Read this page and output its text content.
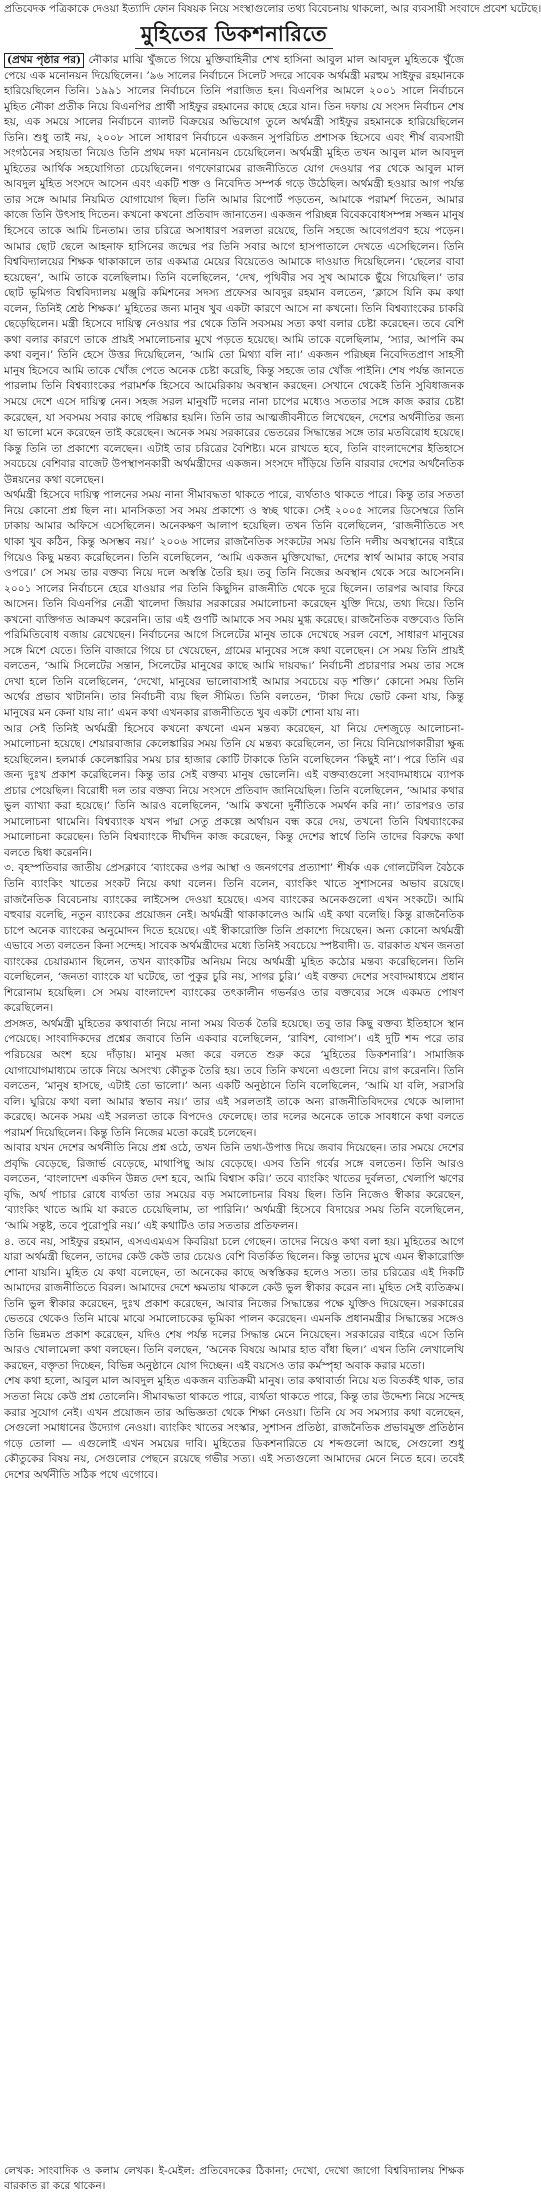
প্রতিবেদক পত্রিকাকে দেওয়া ইত্যাদি ফোন বিষয়ক নিয়ে সংস্থাগুলোর তথ্য বিবেচনায় থাকলো, আর ব্যবসায়ী সংবাদে প্রবেশ ঘটেছে।
মুহিতের ডিকশনারিতে

(প্রথম পৃষ্ঠার পর) নৌকার মাঝি খুঁজতে গিয়ে মুক্তিবাহিনীর শেখ হাসিনা আবুল মাল আবদুল মুহিতকে খুঁজে পেয়ে এক মনোনয়ন দিয়েছিলেন। ’৯৬ সালের নির্বাচনে সিলেট সদরে সাবেক অর্থমন্ত্রী মরহুম সাইফুর রহমানকে হারিয়েছিলেন তিনি। ১৯৯১ সালের নির্বাচনে তিনি পরাজিত হন। বিএনপির আমলে ২০০১ সালে নির্বাচনে মুহিত নৌকা প্রতীক নিয়ে বিএনপির প্রার্থী সাইফুর রহমানের কাছে হেরে যান। তিন দফায় যে সংসদ নির্বাচন শেষ হয়, এক সময়ে সালের নির্বাচনে ব্যালট বিক্রয়ের অভিযোগ তুলে অর্থমন্ত্রী সাইফুর রহমানকে হারিয়েছিলেন তিনি। শুধু তাই নয়, ২০০৮ সালে সাধারণ নির্বাচনে একজন সুপরিচিত প্রশাসক হিসেবে এবং শীর্ষ ব্যবসায়ী সংগঠনের সহায়তা নিয়েও তিনি প্রথম দফা মনোনয়ন চেয়েছিলেন। অর্থমন্ত্রী মুহিত তখন আবুল মাল আবদুল মুহিতের আর্থিক সহযোগিতা চেয়েছিলেন। গণফোরামের রাজনীতিতে যোগ দেওয়ার পর থেকে আবুল মাল আবদুল মুহিত সংসদে আসেন এবং একটি শক্ত ও নিবেদিত সম্পর্ক গড়ে উঠেছিল। অর্থমন্ত্রী হওয়ার আগ পর্যন্ত তার সঙ্গে আমার নিয়মিত যোগাযোগ ছিল। তিনি আমার রিপোর্ট পড়তেন, আমাকে পরামর্শ দিতেন, আমার কাজে তিনি উৎসাহ দিতেন। কখনো কখনো প্রতিবাদ জানাতেন। একজন পরিচ্ছন্ন বিবেকবোধসম্পন্ন সজ্জন মানুষ হিসেবে তাকে আমি চিনতাম। তার চরিত্রে অসাধারণ সরলতা রয়েছে, তিনি সহজে আবেগপ্রবণ হয়ে পড়েন। আমার ছোট ছেলে আহনাফ হাসিনের জন্মের পর তিনি সবার আগে হাসপাতালে দেখতে এসেছিলেন। তিনি বিশ্ববিদ্যালয়ের শিক্ষক থাকাকালে তার একমাত্র মেয়ের বিয়েতেও আমাকে দাওয়াত দিয়েছিলেন। ‘ছেলের বাবা হয়েছেন’, আমি তাকে বলেছিলাম। তিনি বলেছিলেন, ‘দেখ, পৃথিবীর সব সুখ আমাকে ছুঁয়ে গিয়েছিল।’ তার ছোট ভূমিগত বিশ্ববিদ্যালয় মঞ্জুরি কমিশনের সদস্য প্রফেসর আবদুর রহমান বলতেন, ‘ক্লাসে যিনি কম কথা বলেন, তিনিই শ্রেষ্ঠ শিক্ষক।’ মুহিতের জন্য মানুষ খুব একটা কারণে আসে না কখনো। তিনি বিশ্বব্যাংকের চাকরি ছেড়েছিলেন। মন্ত্রী হিসেবে দায়িত্ব নেওয়ার পর থেকে তিনি সবসময় সত্য কথা বলার চেষ্টা করেছেন। তবে বেশি কথা বলার কারণে তাকে প্রায়ই সমালোচনার মুখে পড়তে হয়েছে। আমি তাকে বলেছিলাম, ‘স্যার, আপনি কম কথা বলুন।’ তিনি হেসে উত্তর দিয়েছিলেন, ‘আমি তো মিথ্যা বলি না।’ একজন পরিচ্ছন্ন নিবেদিতপ্রাণ সাহসী মানুষ হিসেবে আমি তাকে খোঁজ পেতে অনেক চেষ্টা করেছি, কিন্তু সহজে তার খোঁজ পাইনি। শেষ পর্যন্ত জানতে পারলাম তিনি বিশ্বব্যাংকের পরামর্শক হিসেবে আমেরিকায় অবস্থান করছেন। সেখানে থেকেই তিনি সুবিধাজনক সময়ে দেশে এসে দায়িত্ব নেন। সহজ সরল মানুষটি দলের নানা চাপের মধ্যেও সততার সঙ্গে কাজ করার চেষ্টা করেছেন, যা সবসময় সবার কাছে পরিষ্কার হয়নি। তিনি তার আত্মজীবনীতে লিখেছেন, দেশের অর্থনীতির জন্য যা ভালো মনে করেছেন তাই করেছেন। অনেক সময় সরকারের ভেতরের সিদ্ধান্তের সঙ্গে তার মতবিরোধ হয়েছে। কিন্তু তিনি তা প্রকাশ্যে বলেছেন। এটাই তার চরিত্রের বৈশিষ্ট্য। মনে রাখতে হবে, তিনি বাংলাদেশের ইতিহাসে সবচেয়ে বেশিবার বাজেট উপস্থাপনকারী অর্থমন্ত্রীদের একজন। সংসদে দাঁড়িয়ে তিনি বারবার দেশের অর্থনৈতিক উন্নয়নের কথা বলেছেন।

অর্থমন্ত্রী হিসেবে দায়িত্ব পালনের সময় নানা সীমাবদ্ধতা থাকতে পারে, ব্যর্থতাও থাকতে পারে। কিন্তু তার সততা নিয়ে কোনো প্রশ্ন ছিল না। মানসিকতা সব সময় প্রকাশ্যে ও স্বচ্ছ থাকে। সেই ২০০৫ সালের ডিসেম্বরে তিনি ঢাকায় আমার অফিসে এসেছিলেন। অনেকক্ষণ আলাপ হয়েছিল। তখন তিনি বলেছিলেন, ‘রাজনীতিতে সৎ থাকা খুব কঠিন, কিন্তু অসম্ভব নয়।’ ২০০৬ সালের রাজনৈতিক সংকটের সময় তিনি দলীয় অবস্থানের বাইরে গিয়েও কিছু মন্তব্য করেছিলেন। তিনি বলেছিলেন, ‘আমি একজন মুক্তিযোদ্ধা, দেশের স্বার্থ আমার কাছে সবার ওপরে।’ সে সময় তার বক্তব্য নিয়ে দলে অস্বস্তি তৈরি হয়। তবু তিনি নিজের অবস্থান থেকে সরে আসেননি। ২০০১ সালের নির্বাচনে হেরে যাওয়ার পর তিনি কিছুদিন রাজনীতি থেকে দূরে ছিলেন। তারপর আবার ফিরে আসেন। তিনি বিএনপির নেত্রী খালেদা জিয়ার সরকারের সমালোচনা করেছেন যুক্তি দিয়ে, তথ্য দিয়ে। তিনি কখনো ব্যক্তিগত আক্রমণ করেননি। তার এই গুণটি আমাকে সব সময় মুগ্ধ করেছে। রাজনৈতিক বক্তব্যেও তিনি পরিমিতিবোধ বজায় রেখেছেন। নির্বাচনের আগে সিলেটের মানুষ তাকে দেখেছে সরল বেশে, সাধারণ মানুষের সঙ্গে মিশে যেতে। তিনি বাজারে গিয়ে চা খেয়েছেন, গ্রামের মানুষের সঙ্গে কথা বলেছেন। সে সময় তিনি প্রায়ই বলতেন, ‘আমি সিলেটের সন্তান, সিলেটের মানুষের কাছে আমি দায়বদ্ধ।’ নির্বাচনী প্রচারণার সময় তার সঙ্গে দেখা হলে তিনি বলেছিলেন, ‘দেখো, মানুষের ভালোবাসাই আমার সবচেয়ে বড় শক্তি।’ কোনো সময় তিনি অর্থের প্রভাব খাটাননি। তার নির্বাচনী ব্যয় ছিল সীমিত। তিনি বলতেন, ‘টাকা দিয়ে ভোট কেনা যায়, কিন্তু মানুষের মন কেনা যায় না।’ এমন কথা এখনকার রাজনীতিতে খুব একটা শোনা যায় না।

আর সেই তিনিই অর্থমন্ত্রী হিসেবে কখনো কখনো এমন মন্তব্য করেছেন, যা নিয়ে দেশজুড়ে আলোচনা-সমালোচনা হয়েছে। শেয়ারবাজার কেলেঙ্কারির সময় তিনি যে মন্তব্য করেছিলেন, তা নিয়ে বিনিয়োগকারীরা ক্ষুব্ধ হয়েছিলেন। হলমার্ক কেলেঙ্কারির সময় চার হাজার কোটি টাকাকে তিনি বলেছিলেন ‘কিছুই না’। পরে তিনি এর জন্য দুঃখ প্রকাশ করেছিলেন। কিন্তু তার সেই বক্তব্য মানুষ ভোলেনি। এই বক্তব্যগুলো সংবাদমাধ্যমে ব্যাপক প্রচার পেয়েছিল। বিরোধী দল তার বক্তব্য নিয়ে সংসদে প্রতিবাদ জানিয়েছিল। তিনি বলেছিলেন, ‘আমার কথার ভুল ব্যাখ্যা করা হয়েছে।’ তিনি আরও বলেছিলেন, ‘আমি কখনো দুর্নীতিকে সমর্থন করি না।’ তারপরও তার সমালোচনা থামেনি। বিশ্বব্যাংক যখন পদ্মা সেতু প্রকল্পে অর্থায়ন বন্ধ করে দেয়, তখনো তিনি বিশ্বব্যাংকের সমালোচনা করেছেন। তিনি বিশ্বব্যাংকে দীর্ঘদিন কাজ করেছেন, কিন্তু দেশের স্বার্থে তিনি তাদের বিরুদ্ধে কথা বলতে দ্বিধা করেননি।

৩. বৃহস্পতিবার জাতীয় প্রেসক্লাবে ‘ব্যাংকের ওপর আস্থা ও জনগণের প্রত্যাশা’ শীর্ষক এক গোলটেবিল বৈঠকে তিনি ব্যাংকিং খাতের সংকট নিয়ে কথা বলেন। তিনি বলেন, ব্যাংকিং খাতে সুশাসনের অভাব রয়েছে। রাজনৈতিক বিবেচনায় ব্যাংকের লাইসেন্স দেওয়া হয়েছে। এসব ব্যাংকের অনেকগুলো এখন সংকটে। আমি বহুবার বলেছি, নতুন ব্যাংকের প্রয়োজন নেই। অর্থমন্ত্রী থাকাকালেও আমি এই কথা বলেছি। কিন্তু রাজনৈতিক চাপে অনেক ব্যাংকের অনুমোদন দিতে হয়েছে। এই স্বীকারোক্তি তিনি প্রকাশ্যে দিয়েছেন। অন্য কোনো অর্থমন্ত্রী এভাবে সত্য বলতেন কিনা সন্দেহ। সাবেক অর্থমন্ত্রীদের মধ্যে তিনিই সবচেয়ে স্পষ্টবাদী। ড. বারকাত যখন জনতা ব্যাংকের চেয়ারম্যান ছিলেন, তখন ব্যাংকটির অনিয়ম নিয়ে অর্থমন্ত্রী মুহিত কঠোর মন্তব্য করেছিলেন। তিনি বলেছিলেন, ‘জনতা ব্যাংকে যা ঘটেছে, তা পুকুর চুরি নয়, সাগর চুরি।’ এই বক্তব্য দেশের সংবাদমাধ্যমে প্রধান শিরোনাম হয়েছিল। সে সময় বাংলাদেশ ব্যাংকের তৎকালীন গভর্নরও তার বক্তব্যের সঙ্গে একমত পোষণ করেছিলেন।

প্রসঙ্গত, অর্থমন্ত্রী মুহিতের কথাবার্তা নিয়ে নানা সময় বিতর্ক তৈরি হয়েছে। তবু তার কিছু বক্তব্য ইতিহাসে স্থান পেয়েছে। সাংবাদিকদের প্রশ্নের জবাবে তিনি একবার বলেছিলেন, ‘রাবিশ, বোগাস’। এই দুটি শব্দ পরে তার পরিচয়ের অংশ হয়ে দাঁড়ায়। মানুষ মজা করে বলতে শুরু করে ‘মুহিতের ডিকশনারি’। সামাজিক যোগাযোগমাধ্যমে তাকে নিয়ে অসংখ্য কৌতুক তৈরি হয়। তবে তিনি কখনো এগুলো নিয়ে রাগ করেননি। তিনি বলতেন, ‘মানুষ হাসছে, এটাই তো ভালো।’ অন্য একটি অনুষ্ঠানে তিনি বলেছিলেন, ‘আমি যা বলি, সরাসরি বলি। ঘুরিয়ে কথা বলা আমার স্বভাব নয়।’ তার এই সরলতাই তাকে অন্য রাজনীতিবিদদের থেকে আলাদা করেছে। অনেক সময় এই সরলতা তাকে বিপদেও ফেলেছে। তার দলের অনেকে তাকে সাবধানে কথা বলতে পরামর্শ দিয়েছিলেন। কিন্তু তিনি নিজের মতো করেই চলেছেন।

আবার যখন দেশের অর্থনীতি নিয়ে প্রশ্ন ওঠে, তখন তিনি তথ্য-উপাত্ত দিয়ে জবাব দিয়েছেন। তার সময়ে দেশের প্রবৃদ্ধি বেড়েছে, রিজার্ভ বেড়েছে, মাথাপিছু আয় বেড়েছে। এসব তিনি গর্বের সঙ্গে বলতেন। তিনি আরও বলতেন, ‘বাংলাদেশ একদিন উন্নত দেশ হবে, আমি বিশ্বাস করি।’ তবে ব্যাংকিং খাতের দুর্বলতা, খেলাপি ঋণের বৃদ্ধি, অর্থ পাচার রোধে ব্যর্থতা তার সময়ের বড় সমালোচনার বিষয় ছিল। তিনি নিজেও স্বীকার করেছেন, ‘ব্যাংকিং খাতে আমি যা করতে চেয়েছিলাম, তা পারিনি।’ অর্থমন্ত্রী হিসেবে বিদায়ের সময় তিনি বলেছিলেন, ‘আমি সন্তুষ্ট, তবে পুরোপুরি নয়।’ এই কথাটিও তার সততার প্রতিফলন।

৪. তবে নয়, সাইফুর রহমান, এসএএমএস কিবরিয়া চলে গেছেন। তাদের নিয়েও কথা বলা হয়। মুহিতের আগে যারা অর্থমন্ত্রী ছিলেন, তাদের কেউ কেউ তার চেয়েও বেশি বিতর্কিত ছিলেন। কিন্তু তাদের মুখে এমন স্বীকারোক্তি শোনা যায়নি। মুহিত যে কথা বলেছেন, তা অনেকের কাছে অস্বস্তিকর হলেও সত্য। তার চরিত্রের এই দিকটি আমাদের রাজনীতিতে বিরল। আমাদের দেশে ক্ষমতায় থাকলে কেউ ভুল স্বীকার করেন না। মুহিত সেই ব্যতিক্রম। তিনি ভুল স্বীকার করেছেন, দুঃখ প্রকাশ করেছেন, আবার নিজের সিদ্ধান্তের পক্ষে যুক্তিও দিয়েছেন। সরকারের ভেতরে থেকেও তিনি মাঝে মাঝে সমালোচকের ভূমিকা পালন করেছেন। এমনকি প্রধানমন্ত্রীর সিদ্ধান্তের সঙ্গেও তিনি ভিন্নমত প্রকাশ করেছেন, যদিও শেষ পর্যন্ত দলের সিদ্ধান্ত মেনে নিয়েছেন। সরকারের বাইরে এসে তিনি আরও খোলামেলা কথা বলছেন। তিনি বলছেন, ‘অনেক বিষয়ে আমার হাত বাঁধা ছিল।’ এখন তিনি লেখালেখি করছেন, বক্তৃতা দিচ্ছেন, বিভিন্ন অনুষ্ঠানে যোগ দিচ্ছেন। এই বয়সেও তার কর্মস্পৃহা অবাক করার মতো।

শেষ কথা হলো, আবুল মাল আবদুল মুহিত একজন ব্যতিক্রমী মানুষ। তার কথাবার্তা নিয়ে যত বিতর্কই থাক, তার সততা নিয়ে কেউ প্রশ্ন তোলেনি। সীমাবদ্ধতা থাকতে পারে, ব্যর্থতা থাকতে পারে, কিন্তু তার উদ্দেশ্য নিয়ে সন্দেহ করার সুযোগ নেই। এখন প্রয়োজন তার অভিজ্ঞতা থেকে শিক্ষা নেওয়া। তিনি যে সব সমস্যার কথা বলেছেন, সেগুলো সমাধানের উদ্যোগ নেওয়া। ব্যাংকিং খাতের সংস্কার, সুশাসন প্রতিষ্ঠা, রাজনৈতিক প্রভাবমুক্ত প্রতিষ্ঠান গড়ে তোলা — এগুলোই এখন সময়ের দাবি। মুহিতের ডিকশনারিতে যে শব্দগুলো আছে, সেগুলো শুধু কৌতুকের বিষয় নয়, সেগুলোর পেছনে রয়েছে গভীর সত্য। এই সত্যগুলো আমাদের মেনে নিতে হবে। তবেই দেশের অর্থনীতি সঠিক পথে এগোবে।

লেখক: সাংবাদিক ও কলাম লেখক। ই-মেইল: প্রতিবেদকের ঠিকানা; দেখো, দেখো জাগো বিশ্ববিদ্যালয় শিক্ষক বারকাত রা করে থাকেন।
